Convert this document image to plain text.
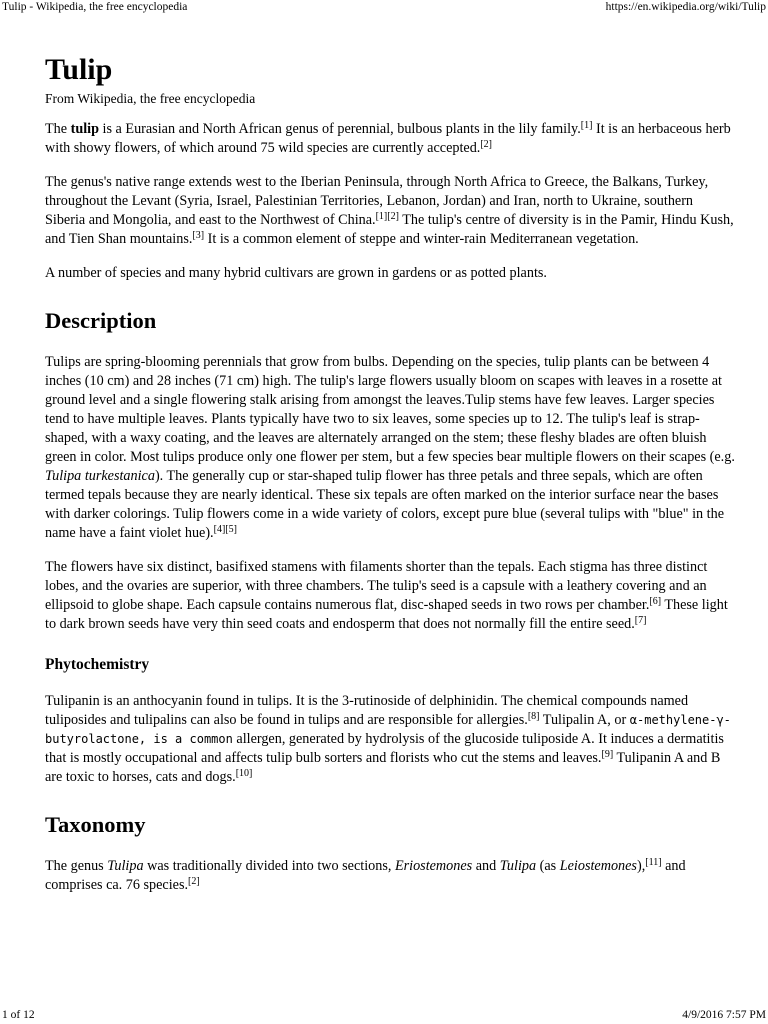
Tulip - Wikipedia, the free encyclopedia	https://en.wikipedia.org/wiki/Tulip
Tulip
From Wikipedia, the free encyclopedia

The tulip is a Eurasian and North African genus of perennial, bulbous plants in the lily family.[1] It is an herbaceous herb with showy flowers, of which around 75 wild species are currently accepted.[2]

The genus's native range extends west to the Iberian Peninsula, through North Africa to Greece, the Balkans, Turkey, throughout the Levant (Syria, Israel, Palestinian Territories, Lebanon, Jordan) and Iran, north to Ukraine, southern Siberia and Mongolia, and east to the Northwest of China.[1][2] The tulip's centre of diversity is in the Pamir, Hindu Kush, and Tien Shan mountains.[3] It is a common element of steppe and winter-rain Mediterranean vegetation.

A number of species and many hybrid cultivars are grown in gardens or as potted plants.

Description

Tulips are spring-blooming perennials that grow from bulbs. Depending on the species, tulip plants can be between 4 inches (10 cm) and 28 inches (71 cm) high. The tulip's large flowers usually bloom on scapes with leaves in a rosette at ground level and a single flowering stalk arising from amongst the leaves.Tulip stems have few leaves. Larger species tend to have multiple leaves. Plants typically have two to six leaves, some species up to 12. The tulip's leaf is strap-shaped, with a waxy coating, and the leaves are alternately arranged on the stem; these fleshy blades are often bluish green in color. Most tulips produce only one flower per stem, but a few species bear multiple flowers on their scapes (e.g. Tulipa turkestanica). The generally cup or star-shaped tulip flower has three petals and three sepals, which are often termed tepals because they are nearly identical. These six tepals are often marked on the interior surface near the bases with darker colorings. Tulip flowers come in a wide variety of colors, except pure blue (several tulips with "blue" in the name have a faint violet hue).[4][5]

The flowers have six distinct, basifixed stamens with filaments shorter than the tepals. Each stigma has three distinct lobes, and the ovaries are superior, with three chambers. The tulip's seed is a capsule with a leathery covering and an ellipsoid to globe shape. Each capsule contains numerous flat, disc-shaped seeds in two rows per chamber.[6] These light to dark brown seeds have very thin seed coats and endosperm that does not normally fill the entire seed.[7]

Phytochemistry

Tulipanin is an anthocyanin found in tulips. It is the 3-rutinoside of delphinidin. The chemical compounds named tuliposides and tulipalins can also be found in tulips and are responsible for allergies.[8] Tulipalin A, or α-methylene-γ-butyrolactone, is a common allergen, generated by hydrolysis of the glucoside tuliposide A. It induces a dermatitis that is mostly occupational and affects tulip bulb sorters and florists who cut the stems and leaves.[9] Tulipanin A and B are toxic to horses, cats and dogs.[10]

Taxonomy

The genus Tulipa was traditionally divided into two sections, Eriostemones and Tulipa (as Leiostemones),[11] and comprises ca. 76 species.[2]

1 of 12	4/9/2016 7:57 PM
